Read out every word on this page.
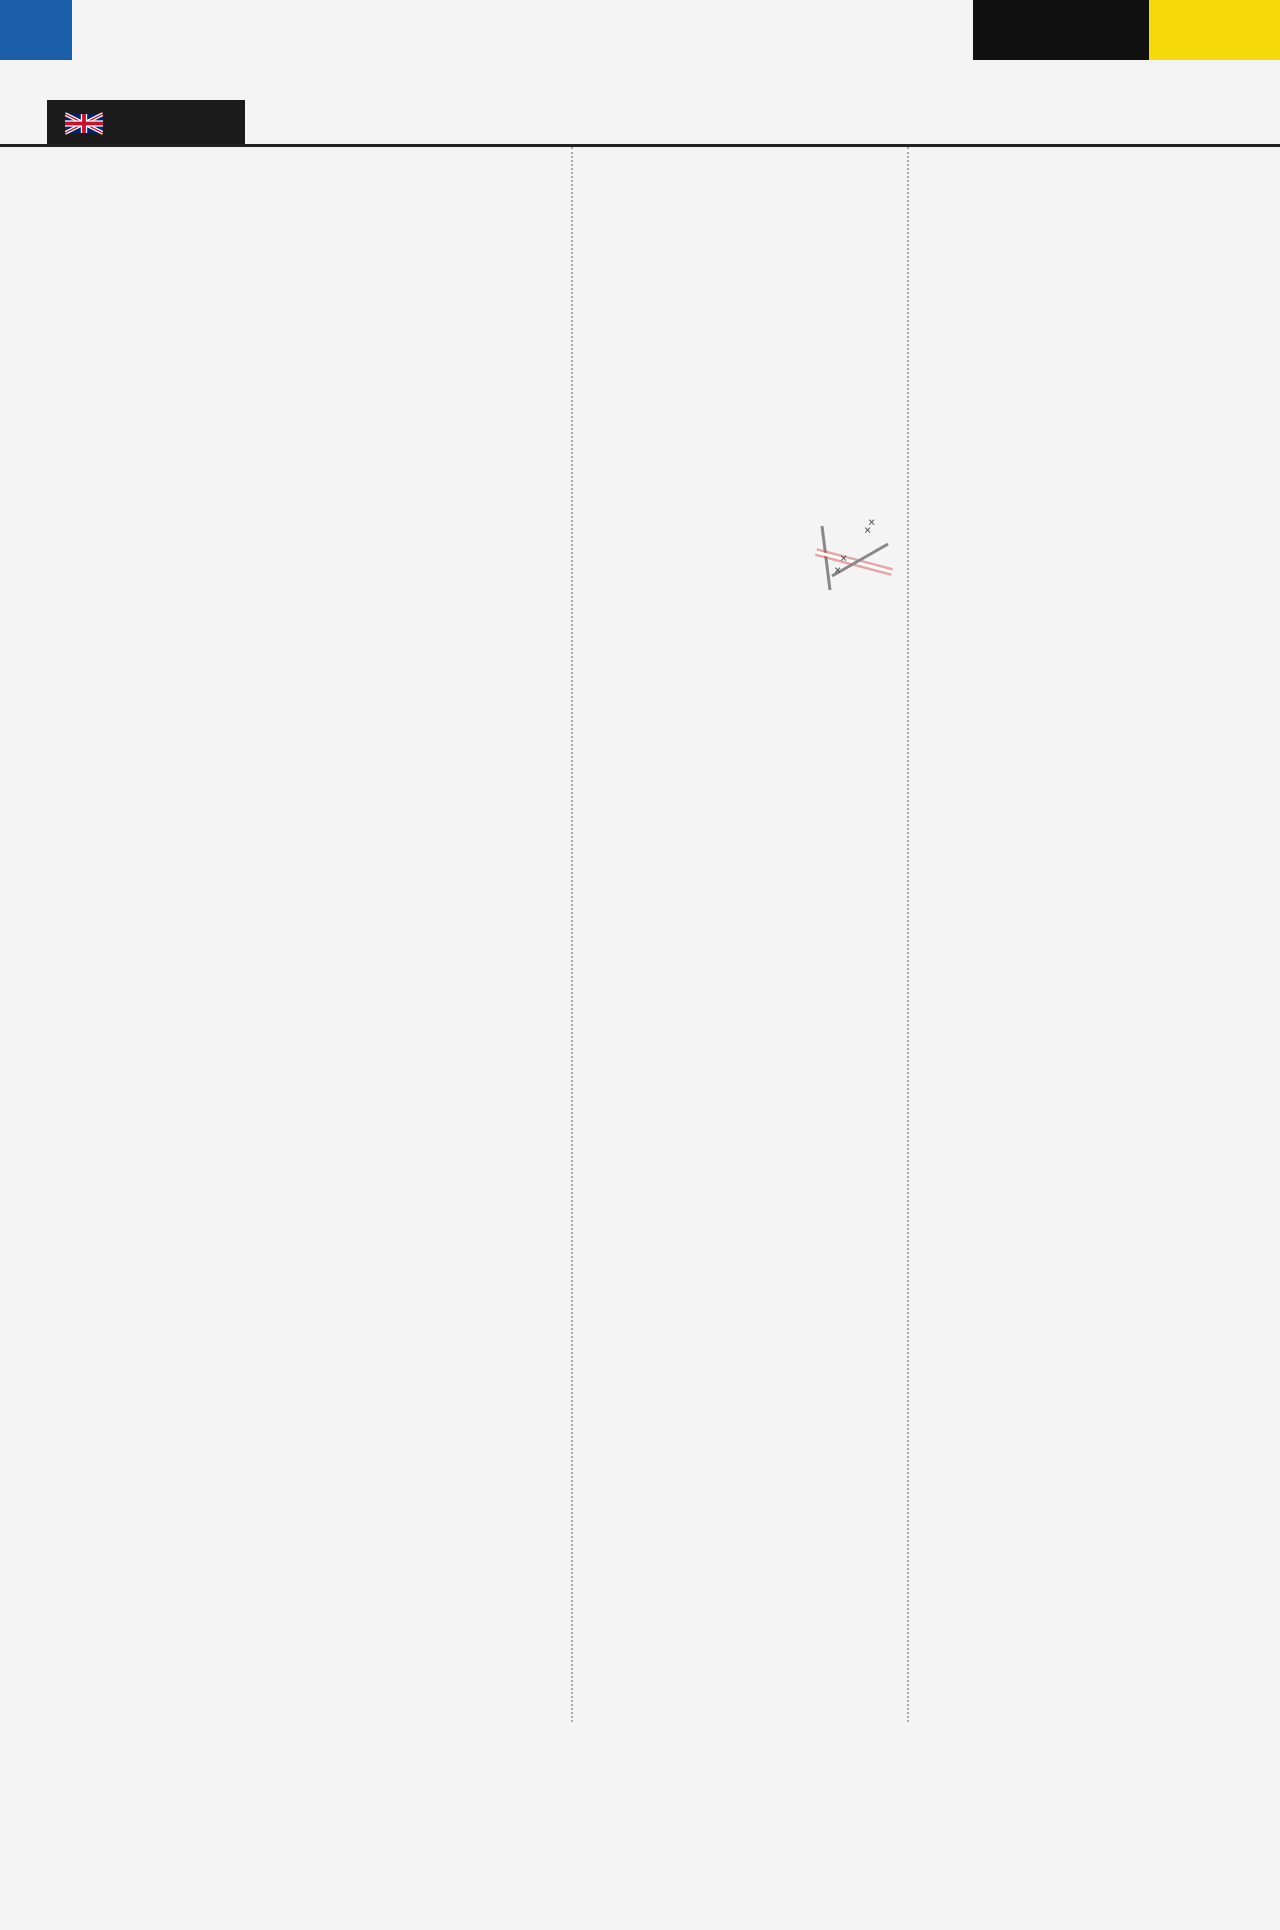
×
×
×
×
